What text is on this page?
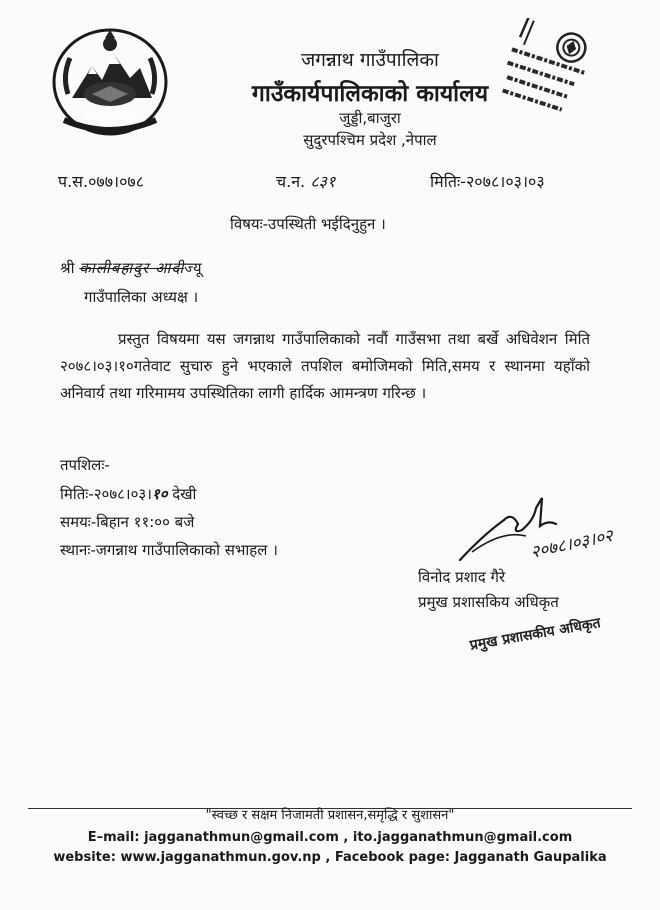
जगन्नाथ गाउँपालिका
गाउँकार्यपालिकाको कार्यालय
जुड्डी,बाजुरा
सुदुरपश्चिम प्रदेश ,नेपाल
प.स.०७७।०७८	च.न. ८३१	मितिः-२०७८।०३।०३
विषयः-उपस्थिती भईदिनुहुन ।
श्री कालीबहादुर आदीज्यू
गाउँपालिका अध्यक्ष ।

प्रस्तुत विषयमा यस जगन्नाथ गाउँपालिकाको नवौं गाउँसभा तथा बर्खे अधिवेशन मिति २०७८।०३।१०गतेवाट सुचारु हुने भएकाले तपशिल बमोजिमको मिति,समय र स्थानमा यहाँको अनिवार्य तथा गरिमामय उपस्थितिका लागी हार्दिक आमन्त्रण गरिन्छ ।

तपशिलः-
मितिः-२०७८।०३।१० देखी
समयः-बिहान ११:०० बजे
स्थानः-जगन्नाथ गाउँपालिकाको सभाहल ।	२०७८।०३।०२
विनोद प्रशाद गैरे
प्रमुख प्रशासकिय अधिकृत
प्रमुख प्रशासकीय अधिकृत
"स्वच्छ र सक्षम निजामती प्रशासन,समृद्धि र सुशासन"
E–mail: jagganathmun@gmail.com , ito.jagganathmun@gmail.com
website: www.jagganathmun.gov.np , Facebook page: Jagganath Gaupalika
